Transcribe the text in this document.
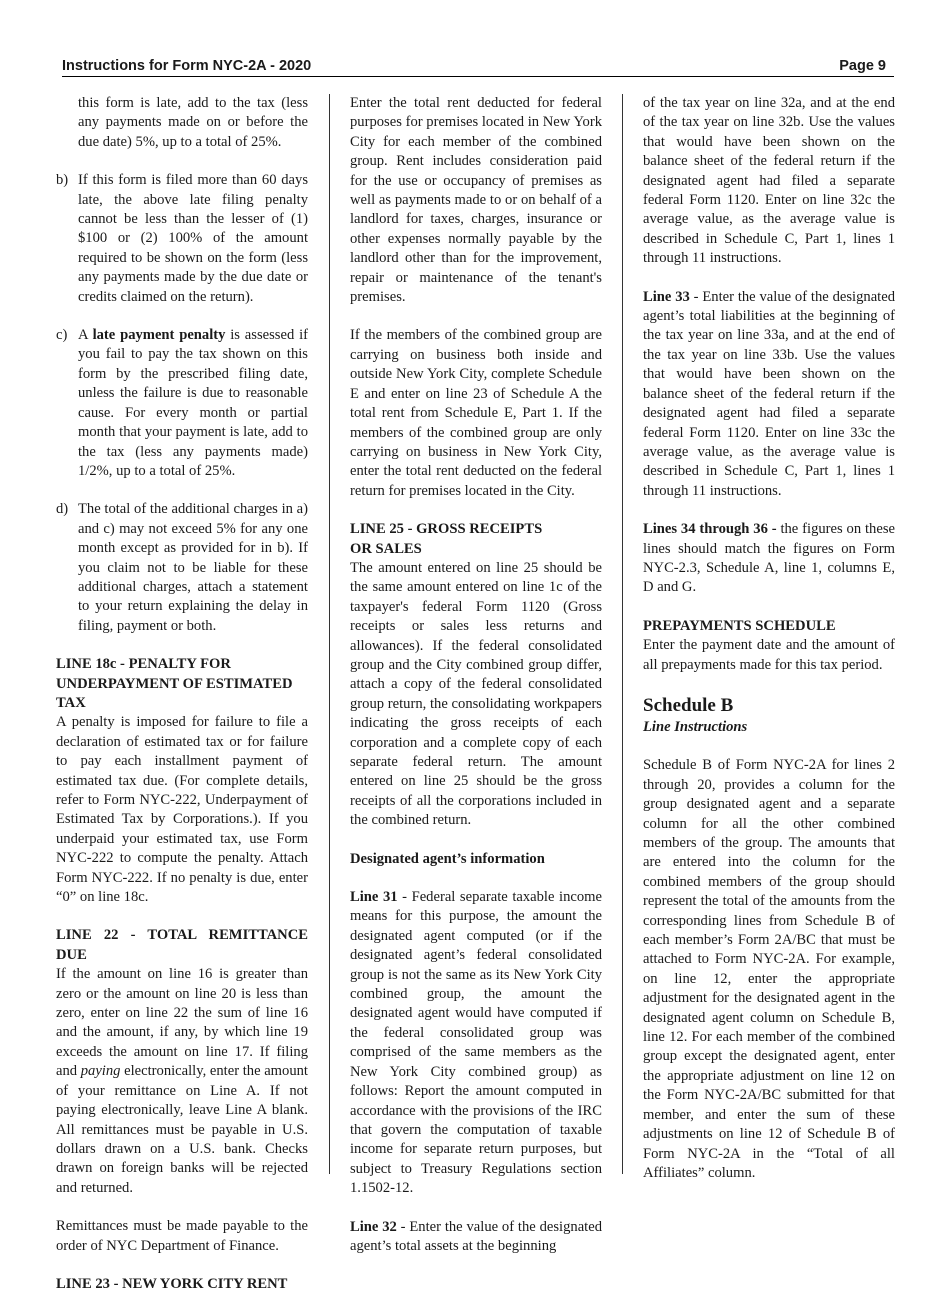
Instructions for Form NYC-2A - 2020	Page 9

this form is late, add to the tax (less any payments made on or before the due date) 5%, up to a total of 25%.

b) If this form is filed more than 60 days late, the above late filing penalty cannot be less than the lesser of (1) $100 or (2) 100% of the amount required to be shown on the form (less any payments made by the due date or credits claimed on the return).
c) A late payment penalty is assessed if you fail to pay the tax shown on this form by the prescribed filing date, unless the failure is due to reasonable cause. For every month or partial month that your payment is late, add to the tax (less any payments made) 1/2%, up to a total of 25%.
d) The total of the additional charges in a) and c) may not exceed 5% for any one month except as provided for in b). If you claim not to be liable for these additional charges, attach a statement to your return explaining the delay in filing, payment or both.
LINE 18c - PENALTY FOR UNDERPAYMENT OF ESTIMATED TAX

A penalty is imposed for failure to file a declaration of estimated tax or for failure to pay each installment payment of estimated tax due. (For complete details, refer to Form NYC-222, Underpayment of Estimated Tax by Corporations.). If you underpaid your estimated tax, use Form NYC-222 to compute the penalty. Attach Form NYC-222. If no penalty is due, enter “0” on line 18c.

LINE 22 - TOTAL REMITTANCE DUE

If the amount on line 16 is greater than zero or the amount on line 20 is less than zero, enter on line 22 the sum of line 16 and the amount, if any, by which line 19 exceeds the amount on line 17. If filing and paying electronically, enter the amount of your remittance on Line A. If not paying electronically, leave Line A blank. All remittances must be payable in U.S. dollars drawn on a U.S. bank. Checks drawn on foreign banks will be rejected and returned.

Remittances must be made payable to the order of NYC Department of Finance.

LINE 23 - NEW YORK CITY RENT

Enter the total rent deducted for federal purposes for premises located in New York City for each member of the combined group. Rent includes consideration paid for the use or occupancy of premises as well as payments made to or on behalf of a landlord for taxes, charges, insurance or other expenses normally payable by the landlord other than for the improvement, repair or maintenance of the tenant's premises.

If the members of the combined group are carrying on business both inside and outside New York City, complete Schedule E and enter on line 23 of Schedule A the total rent from Schedule E, Part 1. If the members of the combined group are only carrying on business in New York City, enter the total rent deducted on the federal return for premises located in the City.

LINE 25 - GROSS RECEIPTS
OR SALES

The amount entered on line 25 should be the same amount entered on line 1c of the taxpayer's federal Form 1120 (Gross receipts or sales less returns and allowances). If the federal consolidated group and the City combined group differ, attach a copy of the federal consolidated group return, the consolidating workpapers indicating the gross receipts of each corporation and a complete copy of each separate federal return. The amount entered on line 25 should be the gross receipts of all the corporations included in the combined return.

Designated agent’s information

Line 31 - Federal separate taxable income means for this purpose, the amount the designated agent computed (or if the designated agent’s federal consolidated group is not the same as its New York City combined group, the amount the designated agent would have computed if the federal consolidated group was comprised of the same members as the New York City combined group) as follows: Report the amount computed in accordance with the provisions of the IRC that govern the computation of taxable income for separate return purposes, but subject to Treasury Regulations section 1.1502-12.

Line 32 - Enter the value of the designated agent’s total assets at the beginning

of the tax year on line 32a, and at the end of the tax year on line 32b. Use the values that would have been shown on the balance sheet of the federal return if the designated agent had filed a separate federal Form 1120. Enter on line 32c the average value, as the average value is described in Schedule C, Part 1, lines 1 through 11 instructions.

Line 33 - Enter the value of the designated agent’s total liabilities at the beginning of the tax year on line 33a, and at the end of the tax year on line 33b. Use the values that would have been shown on the balance sheet of the federal return if the designated agent had filed a separate federal Form 1120. Enter on line 33c the average value, as the average value is described in Schedule C, Part 1, lines 1 through 11 instructions.

Lines 34 through 36 - the figures on these lines should match the figures on Form NYC-2.3, Schedule A, line 1, columns E, D and G.

PREPAYMENTS SCHEDULE

Enter the payment date and the amount of all prepayments made for this tax period.

Schedule B
Line Instructions

Schedule B of Form NYC-2A for lines 2 through 20, provides a column for the group designated agent and a separate column for all the other combined members of the group. The amounts that are entered into the column for the combined members of the group should represent the total of the amounts from the corresponding lines from Schedule B of each member’s Form 2A/BC that must be attached to Form NYC-2A. For example, on line 12, enter the appropriate adjustment for the designated agent in the designated agent column on Schedule B, line 12. For each member of the combined group except the designated agent, enter the appropriate adjustment on line 12 on the Form NYC-2A/BC submitted for that member, and enter the sum of these adjustments on line 12 of Schedule B of Form NYC-2A in the “Total of all Affiliates” column.
